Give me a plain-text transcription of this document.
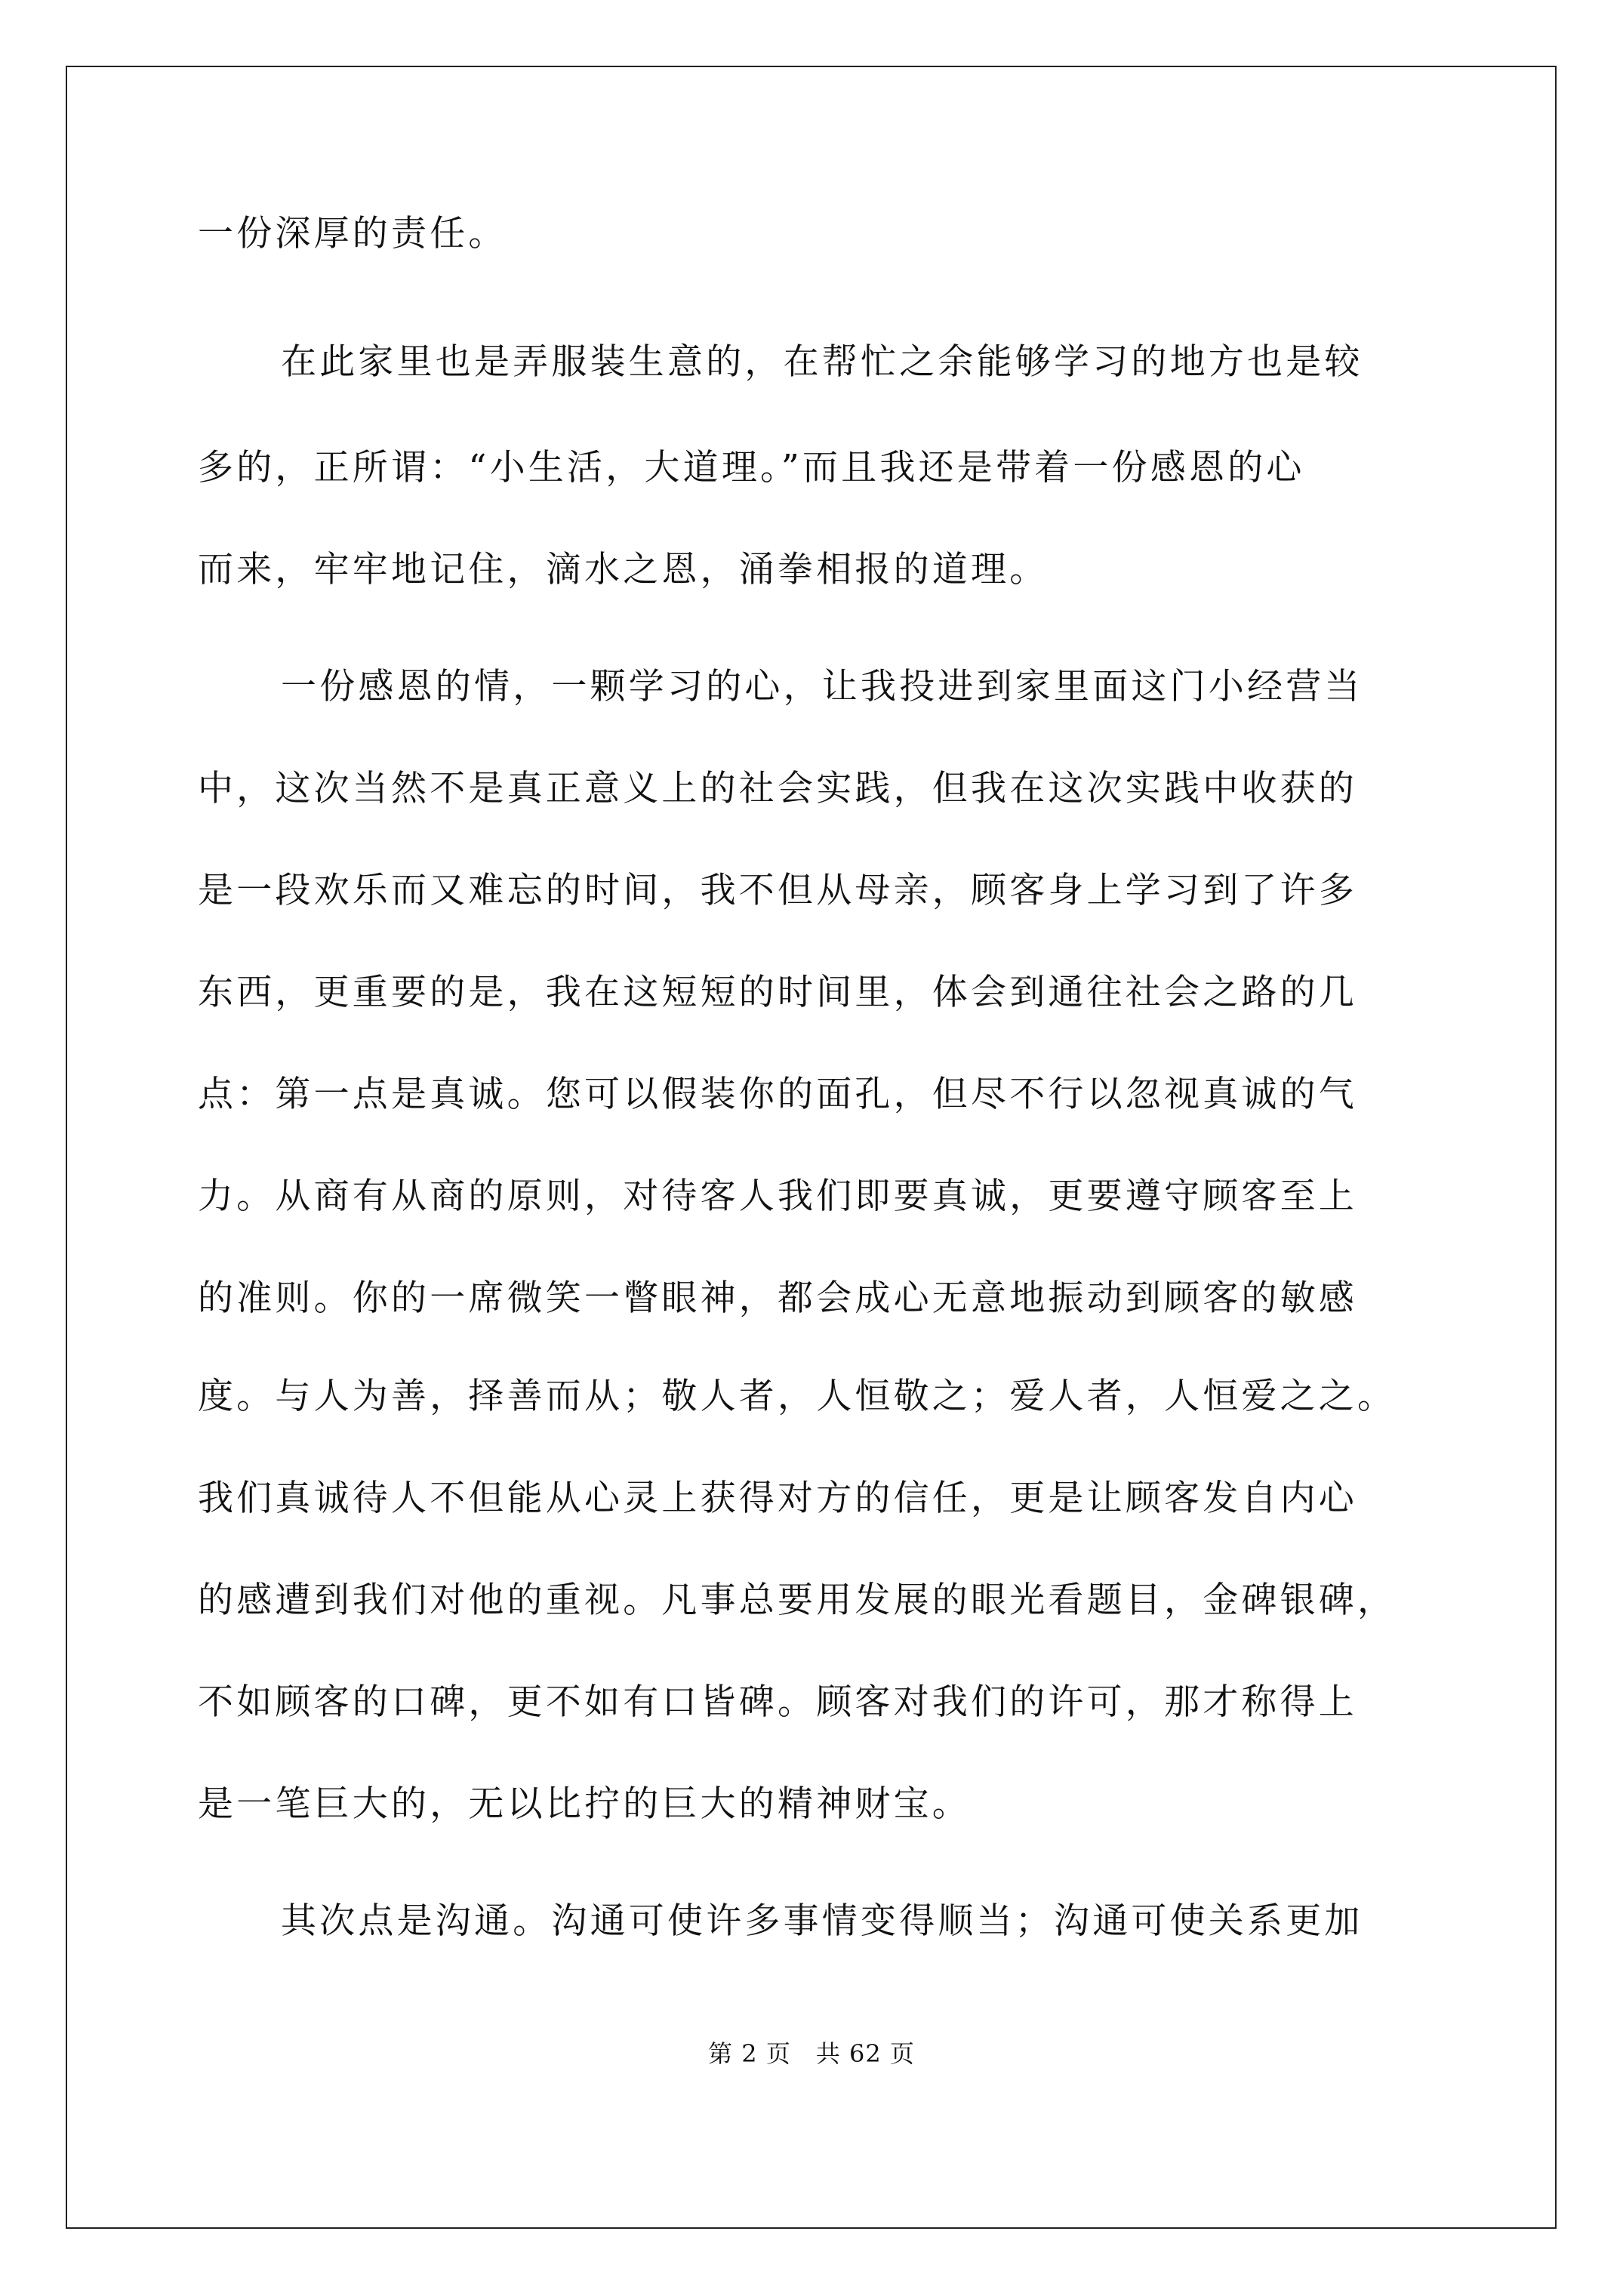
一份深厚的责任。
在此家里也是弄服装生意的，在帮忙之余能够学习的地方也是较
多的，正所谓：“小生活，大道理。”而且我还是带着一份感恩的心
而来，牢牢地记住，滴水之恩，涌拳相报的道理。
一份感恩的情，一颗学习的心，让我投进到家里面这门小经营当
中，这次当然不是真正意义上的社会实践，但我在这次实践中收获的
是一段欢乐而又难忘的时间，我不但从母亲，顾客身上学习到了许多
东西，更重要的是，我在这短短的时间里，体会到通往社会之路的几
点：第一点是真诚。您可以假装你的面孔，但尽不行以忽视真诚的气
力。从商有从商的原则，对待客人我们即要真诚，更要遵守顾客至上
的准则。你的一席微笑一瞥眼神，都会成心无意地振动到顾客的敏感
度。与人为善，择善而从；敬人者，人恒敬之；爱人者，人恒爱之之。
我们真诚待人不但能从心灵上获得对方的信任，更是让顾客发自内心
的感遭到我们对他的重视。凡事总要用发展的眼光看题目，金碑银碑，
不如顾客的口碑，更不如有口皆碑。顾客对我们的许可，那才称得上
是一笔巨大的，无以比拧的巨大的精神财宝。
其次点是沟通。沟通可使许多事情变得顺当；沟通可使关系更加
第 2 页　共 62 页
